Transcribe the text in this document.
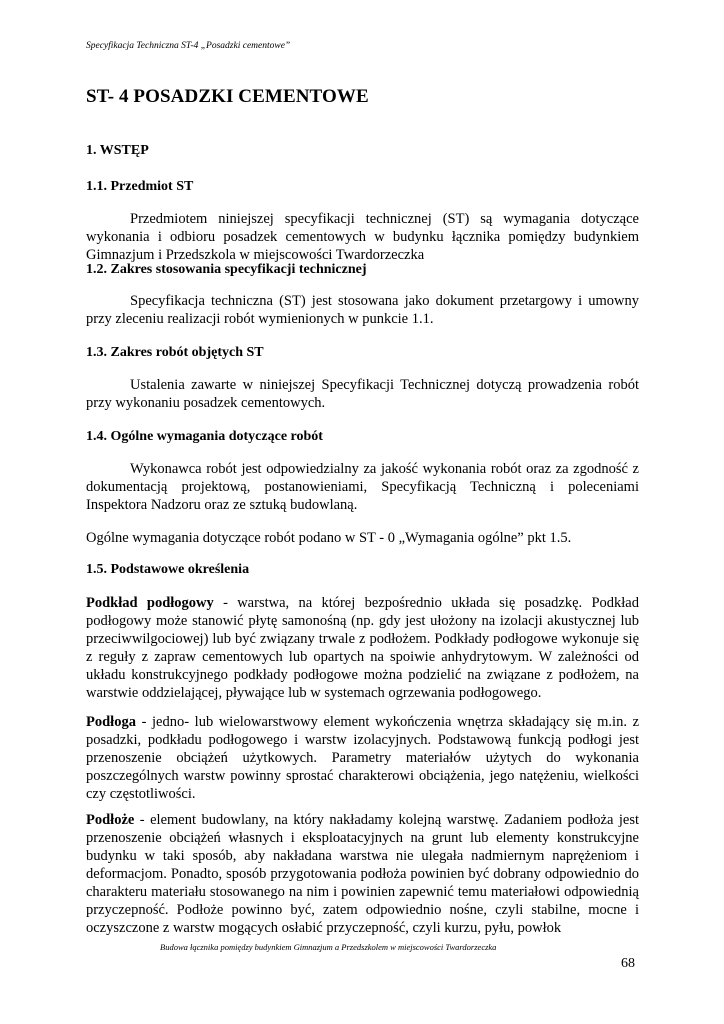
Specyfikacja Techniczna ST-4 „Posadzki cementowe”
ST- 4 POSADZKI CEMENTOWE
1. WSTĘP
1.1. Przedmiot ST

Przedmiotem niniejszej specyfikacji technicznej (ST) są wymagania dotyczące wykonania i odbioru posadzek cementowych w budynku łącznika pomiędzy budynkiem Gimnazjum i Przedszkola w miejscowości Twardorzeczka

1.2. Zakres stosowania specyfikacji technicznej

Specyfikacja techniczna (ST) jest stosowana jako dokument przetargowy i umowny przy zleceniu realizacji robót wymienionych w punkcie 1.1.

1.3. Zakres robót objętych ST

Ustalenia zawarte w niniejszej Specyfikacji Technicznej dotyczą prowadzenia robót przy wykonaniu posadzek cementowych.

1.4. Ogólne wymagania dotyczące robót

Wykonawca robót jest odpowiedzialny za jakość wykonania robót oraz za zgodność z dokumentacją projektową, postanowieniami, Specyfikacją Techniczną i poleceniami Inspektora Nadzoru oraz ze sztuką budowlaną.

Ogólne wymagania dotyczące robót podano w ST - 0 „Wymagania ogólne” pkt 1.5.

1.5. Podstawowe określenia

Podkład podłogowy - warstwa, na której bezpośrednio układa się posadzkę. Podkład podłogowy może stanowić płytę samonośną (np. gdy jest ułożony na izolacji akustycznej lub przeciwwilgociowej) lub być związany trwale z podłożem. Podkłady podłogowe wykonuje się z reguły z zapraw cementowych lub opartych na spoiwie anhydrytowym. W zależności od układu konstrukcyjnego podkłady podłogowe można podzielić na związane z podłożem, na warstwie oddzielającej, pływające lub w systemach ogrzewania podłogowego.

Podłoga - jedno- lub wielowarstwowy element wykończenia wnętrza składający się m.in. z posadzki, podkładu podłogowego i warstw izolacyjnych. Podstawową funkcją podłogi jest przenoszenie obciążeń użytkowych. Parametry materiałów użytych do wykonania poszczególnych warstw powinny sprostać charakterowi obciążenia, jego natężeniu, wielkości czy częstotliwości.

Podłoże - element budowlany, na który nakładamy kolejną warstwę. Zadaniem podłoża jest przenoszenie obciążeń własnych i eksploatacyjnych na grunt lub elementy konstrukcyjne budynku w taki sposób, aby nakładana warstwa nie ulegała nadmiernym naprężeniom i deformacjom. Ponadto, sposób przygotowania podłoża powinien być dobrany odpowiednio do charakteru materiału stosowanego na nim i powinien zapewnić temu materiałowi odpowiednią przyczepność. Podłoże powinno być, zatem odpowiednio nośne, czyli stabilne, mocne i oczyszczone z warstw mogących osłabić przyczepność, czyli kurzu, pyłu, powłok

Budowa łącznika pomiędzy budynkiem Gimnazjum a Przedszkolem w miejscowości Twardorzeczka
68
